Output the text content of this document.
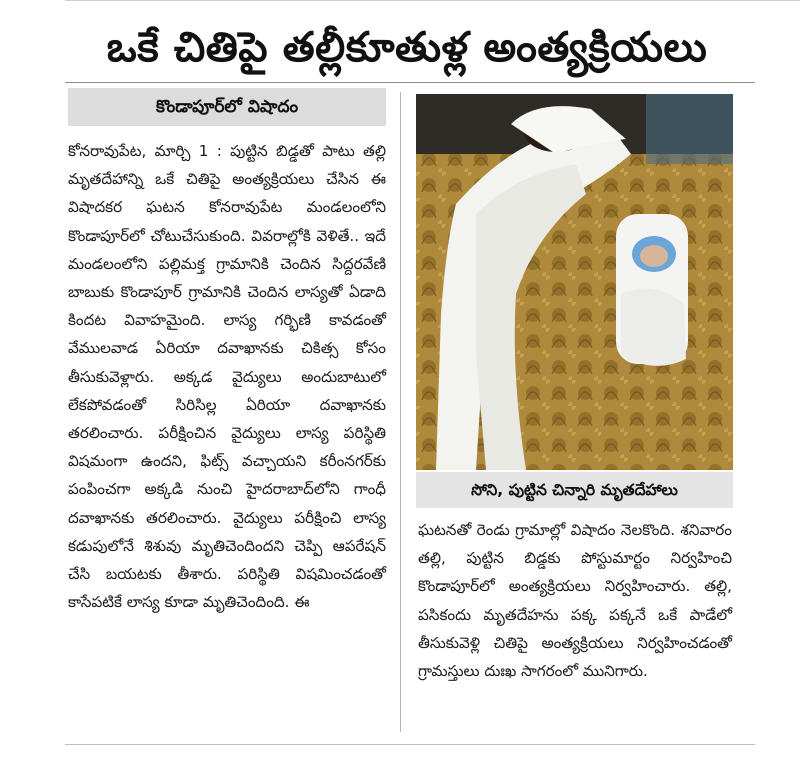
ఒకే చితిపై తల్లీకూతుళ్ల అంత్యక్రియలు
కొండాపూర్‌లో విషాదం

కోనరావుపేట, మార్చి 1 : పుట్టిన బిడ్డతో పాటు తల్లి మృతదేహాన్ని ఒకే చితిపై అంత్యక్రియలు చేసిన ఈ విషాదకర ఘటన కోనరావుపేట మండలంలోని కొండాపూర్‌లో చోటుచేసుకుంది. వివరాల్లోకి వెళితే.. ఇదే మండలంలోని పల్లిమక్త గ్రామానికి చెందిన సిద్దరవేణి బాబుకు కొండాపూర్ గ్రామానికి చెందిన లాస్యతో ఏడాది కిందట వివాహమైంది. లాస్య గర్భిణి కావడంతో వేములవాడ ఏరియా దవాఖానకు చికిత్స కోసం తీసుకువెళ్లారు. అక్కడ వైద్యులు అందుబాటులో లేకపోవడంతో సిరిసిల్ల ఏరియా దవాఖానకు తరలించారు. పరీక్షించిన వైద్యులు లాస్య పరిస్థితి విషమంగా ఉందని, ఫిట్స్ వచ్చాయని కరీంనగర్‌కు పంపించగా అక్కడి నుంచి హైదరాబాద్‌లోని గాంధీ దవాఖానకు తరలించారు. వైద్యులు పరీక్షించి లాస్య కడుపులోనే శిశువు మృతిచెందిందని చెప్పి ఆపరేషన్ చేసి బయటకు తీశారు. పరిస్థితి విషమించడంతో కాసేపటికే లాస్య కూడా మృతిచెందింది. ఈ

సోని, పుట్టిన చిన్నారి మృతదేహాలు

ఘటనతో రెండు గ్రామాల్లో విషాదం నెలకొంది. శనివారం తల్లి, పుట్టిన బిడ్డకు పోస్టుమార్టం నిర్వహించి కొండాపూర్‌లో అంత్యక్రియలు నిర్వహించారు. తల్లి, పసికందు మృతదేహను పక్క పక్కనే ఒకే పాడేలో తీసుకువెళ్లి చితిపై అంత్యక్రియలు నిర్వహించడంతో గ్రామస్తులు దుఃఖ సాగరంలో మునిగారు.
